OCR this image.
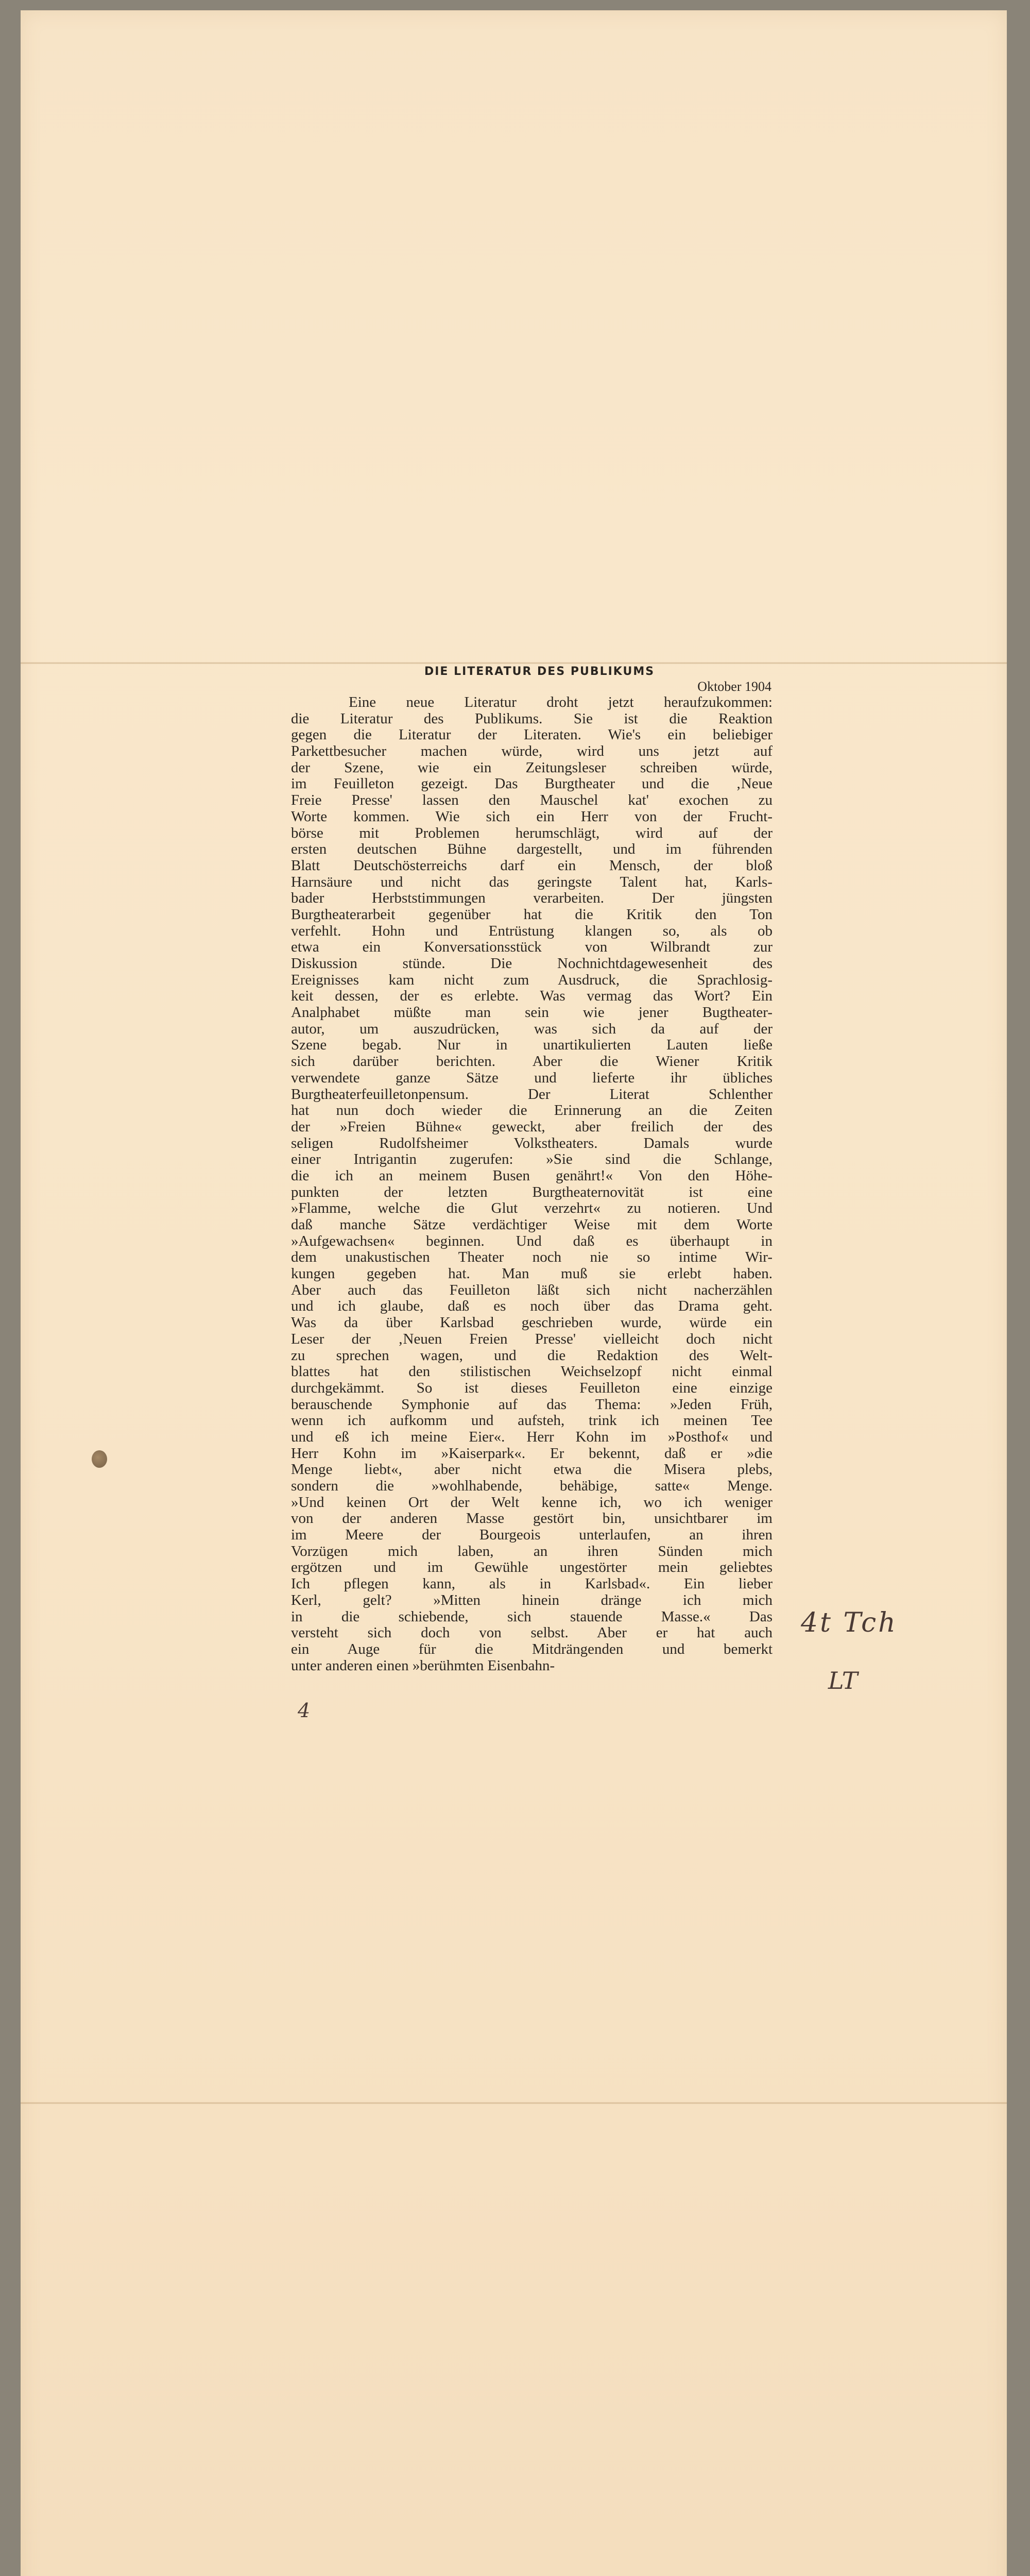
DIE LITERATUR DES PUBLIKUMS
Oktober 1904
Eine neue Literatur droht jetzt heraufzukommen:
die Literatur des Publikums. Sie ist die Reaktion
gegen die Literatur der Literaten. Wie's ein beliebiger
Parkettbesucher machen würde, wird uns jetzt auf
der Szene, wie ein Zeitungsleser schreiben würde,
im Feuilleton gezeigt. Das Burgtheater und die ‚Neue
Freie Presse' lassen den Mauschel kat' exochen zu
Worte kommen. Wie sich ein Herr von der Frucht-
börse mit Problemen herumschlägt, wird auf der
ersten deutschen Bühne dargestellt, und im führenden
Blatt Deutschösterreichs darf ein Mensch, der bloß
Harnsäure und nicht das geringste Talent hat, Karls-
bader Herbststimmungen verarbeiten. Der jüngsten
Burgtheaterarbeit gegenüber hat die Kritik den Ton
verfehlt. Hohn und Entrüstung klangen so, als ob
etwa ein Konversationsstück von Wilbrandt zur
Diskussion stünde. Die Nochnichtdagewesenheit des
Ereignisses kam nicht zum Ausdruck, die Sprachlosig-
keit dessen, der es erlebte. Was vermag das Wort? Ein
Analphabet müßte man sein wie jener Bugtheater-
autor, um auszudrücken, was sich da auf der
Szene begab. Nur in unartikulierten Lauten ließe
sich darüber berichten. Aber die Wiener Kritik
verwendete ganze Sätze und lieferte ihr übliches
Burgtheaterfeuilletonpensum. Der Literat Schlenther
hat nun doch wieder die Erinnerung an die Zeiten
der »Freien Bühne« geweckt, aber freilich der des
seligen Rudolfsheimer Volkstheaters. Damals wurde
einer Intrigantin zugerufen: »Sie sind die Schlange,
die ich an meinem Busen genährt!« Von den Höhe-
punkten der letzten Burgtheaternovität ist eine
»Flamme, welche die Glut verzehrt« zu notieren. Und
daß manche Sätze verdächtiger Weise mit dem Worte
»Aufgewachsen« beginnen. Und daß es überhaupt in
dem unakustischen Theater noch nie so intime Wir-
kungen gegeben hat. Man muß sie erlebt haben.
Aber auch das Feuilleton läßt sich nicht nacherzählen
und ich glaube, daß es noch über das Drama geht.
Was da über Karlsbad geschrieben wurde, würde ein
Leser der ‚Neuen Freien Presse' vielleicht doch nicht
zu sprechen wagen, und die Redaktion des Welt-
blattes hat den stilistischen Weichselzopf nicht einmal
durchgekämmt. So ist dieses Feuilleton eine einzige
berauschende Symphonie auf das Thema: »Jeden Früh,
wenn ich aufkomm und aufsteh, trink ich meinen Tee
und eß ich meine Eier«. Herr Kohn im »Posthof« und
Herr Kohn im »Kaiserpark«. Er bekennt, daß er »die
Menge liebt«, aber nicht etwa die Misera plebs,
sondern die »wohlhabende, behäbige, satte« Menge.
»Und keinen Ort der Welt kenne ich, wo ich weniger
von der anderen Masse gestört bin, unsichtbarer im
im Meere der Bourgeois unterlaufen, an ihren
Vorzügen mich laben, an ihren Sünden mich
ergötzen und im Gewühle ungestörter mein geliebtes
Ich pflegen kann, als in Karlsbad«. Ein lieber
Kerl, gelt? »Mitten hinein dränge ich mich
in die schiebende, sich stauende Masse.« Das
versteht sich doch von selbst. Aber er hat auch
ein Auge für die Mitdrängenden und bemerkt
unter anderen einen »berühmten Eisenbahn-
4t Tch
LT
4
